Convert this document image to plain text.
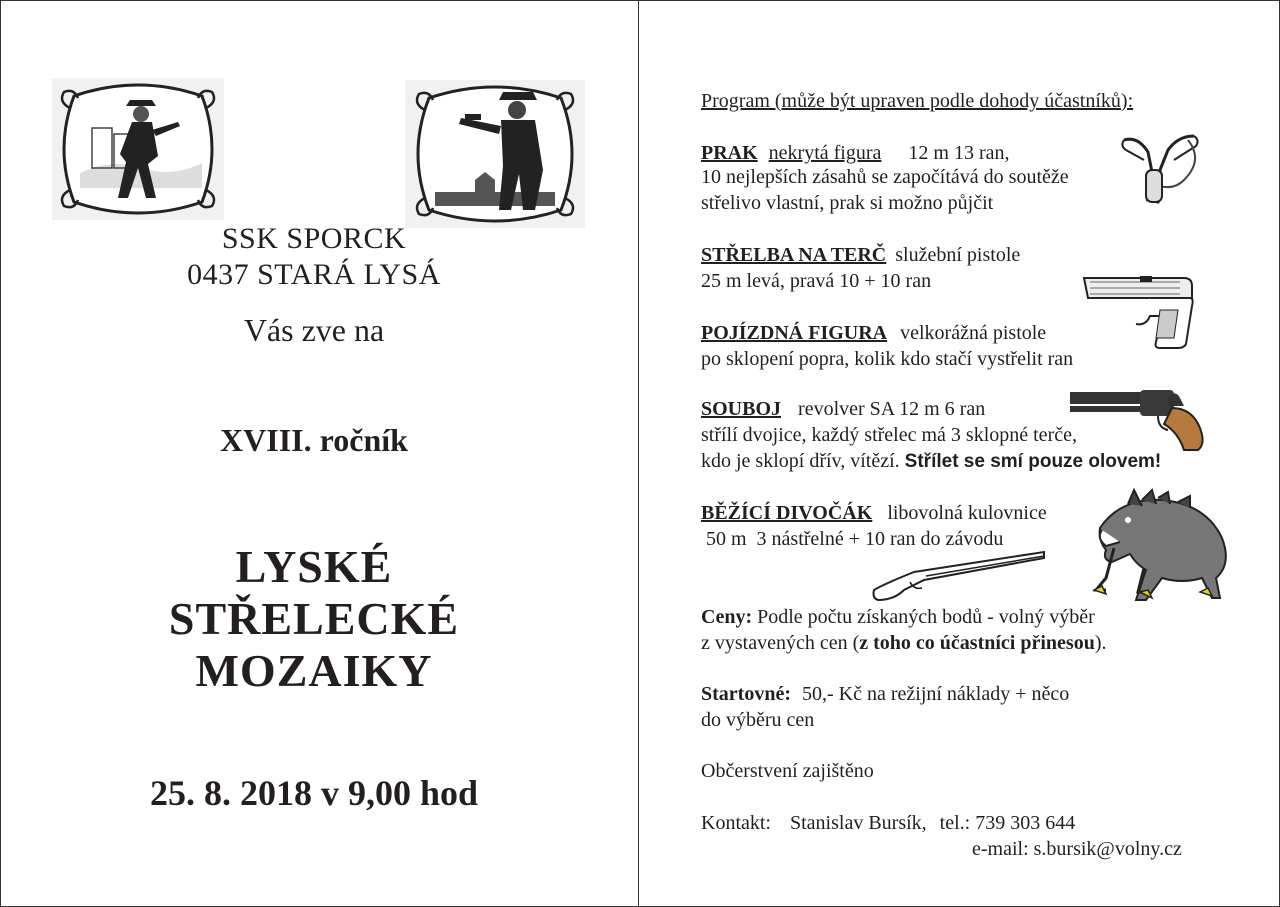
SSK SPORCK
0437 STARÁ LYSÁ
Vás zve na
XVIII. ročník
LYSKÉ
STŘELECKÉ
MOZAIKY
25. 8. 2018 v 9,00 hod
Program (může být upraven podle dohody účastníků):
PRAK nekrytá figura 12 m 13 ran,
10 nejlepších zásahů se započítává do soutěže
střelivo vlastní, prak si možno půjčit
STŘELBA NA TERČ služební pistole
25 m levá, pravá 10 + 10 ran
POJÍZDNÁ FIGURA velkorážná pistole
po sklopení popra, kolik kdo stačí vystřelit ran
SOUBOJ revolver SA 12 m 6 ran
střílí dvojice, každý střelec má 3 sklopné terče,
kdo je sklopí dřív, vítězí. Střílet se smí pouze olovem!
BĚŽÍCÍ DIVOČÁK libovolná kulovnice
50 m  3 nástřelné + 10 ran do závodu
Ceny: Podle počtu získaných bodů - volný výběr
z vystavených cen (z toho co účastníci přinesou).
Startovné: 50,- Kč na režijní náklady + něco
do výběru cen
Občerstvení zajištěno
Kontakt: Stanislav Bursík, tel.: 739 303 644
e-mail: s.bursik@volny.cz
